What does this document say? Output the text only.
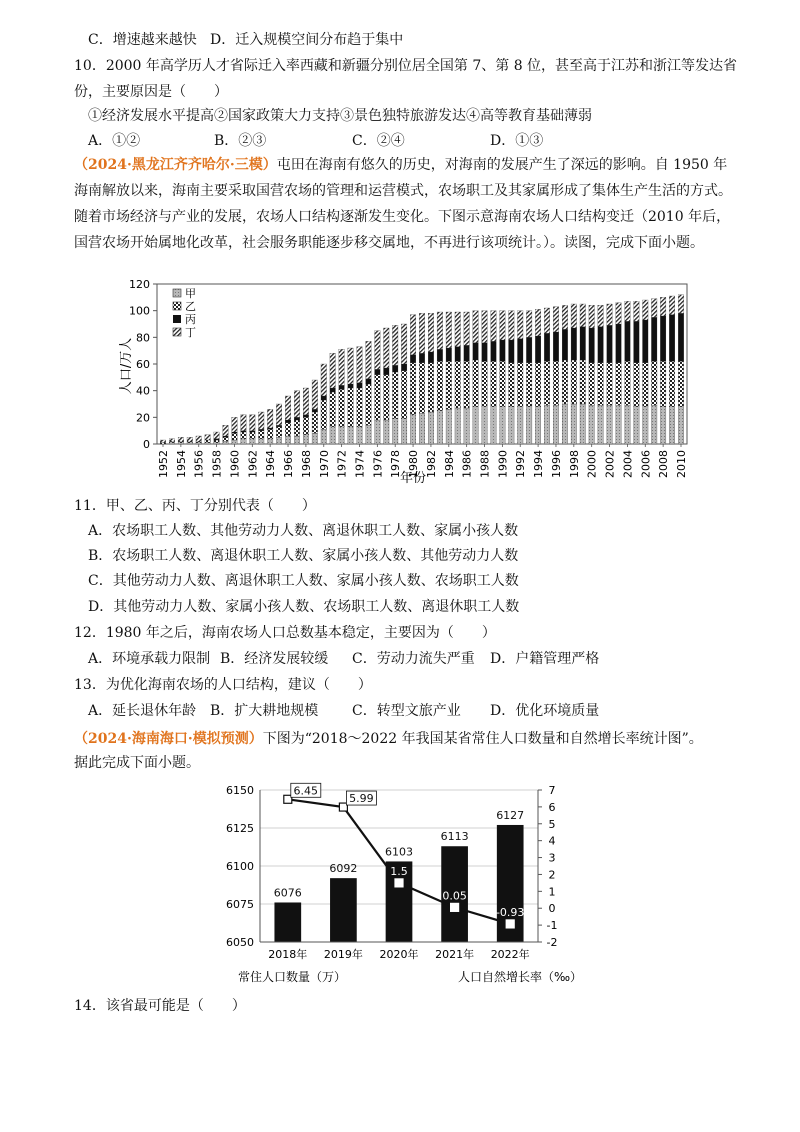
C．增速越来越快 D．迁入规模空间分布趋于集中
10．2000 年高学历人才省际迁入率西藏和新疆分别位居全国第 7、第 8 位，甚至高于江苏和浙江等发达省
份，主要原因是（　　）
①经济发展水平提高②国家政策大力支持③景色独特旅游发达④高等教育基础薄弱
A．①②	B．②③	C．②④	D．①③
（2024·黑龙江齐齐哈尔·三模）屯田在海南有悠久的历史，对海南的发展产生了深远的影响。自 1950 年海南解放以来，海南主要采取国营农场的管理和运营模式，农场职工及其家属形成了集体生产生活的方式。随着市场经济与产业的发展，农场人口结构逐渐发生变化。下图示意海南农场人口结构变迁（2010 年后，国营农场开始属地化改革，社会服务职能逐步移交属地，不再进行该项统计。）。读图，完成下面小题。
0
20
40
60
80
100
120
1952 1954 1956 1958 1960 1962 1964 1966 1968 1970 1972 1974 1976 1978 1980 1982 1984 1986 1988 1990 1992 1994 1996 1998 2000 2002 2004 2006 2008 2010
人口/万人
年份
甲
乙
丙
丁
11．甲、乙、丙、丁分别代表（　　）
A．农场职工人数、其他劳动力人数、离退休职工人数、家属小孩人数
B．农场职工人数、离退休职工人数、家属小孩人数、其他劳动力人数
C．其他劳动力人数、离退休职工人数、家属小孩人数、农场职工人数
D．其他劳动力人数、家属小孩人数、农场职工人数、离退休职工人数
12．1980 年之后，海南农场人口总数基本稳定，主要因为（　　）
A．环境承载力限制 B．经济发展较缓 C．劳动力流失严重 D．户籍管理严格
13．为优化海南农场的人口结构，建议（　　）
A．延长退休年龄 B．扩大耕地规模 C．转型文旅产业 D．优化环境质量
（2024·海南海口·模拟预测）下图为“2018～2022 年我国某省常住人口数量和自然增长率统计图”。
据此完成下面小题。
6050
6075
6100
6125
6150
-2
-1
0
1
2
3
4
5
6
7
6076
2018年
6092
2019年
6103
2020年
6113
2021年
6127
2022年
6.45
5.99
1.5
0.05
-0.93
常住人口数量（万）	人口自然增长率（‰）
14．该省最可能是（　　）
